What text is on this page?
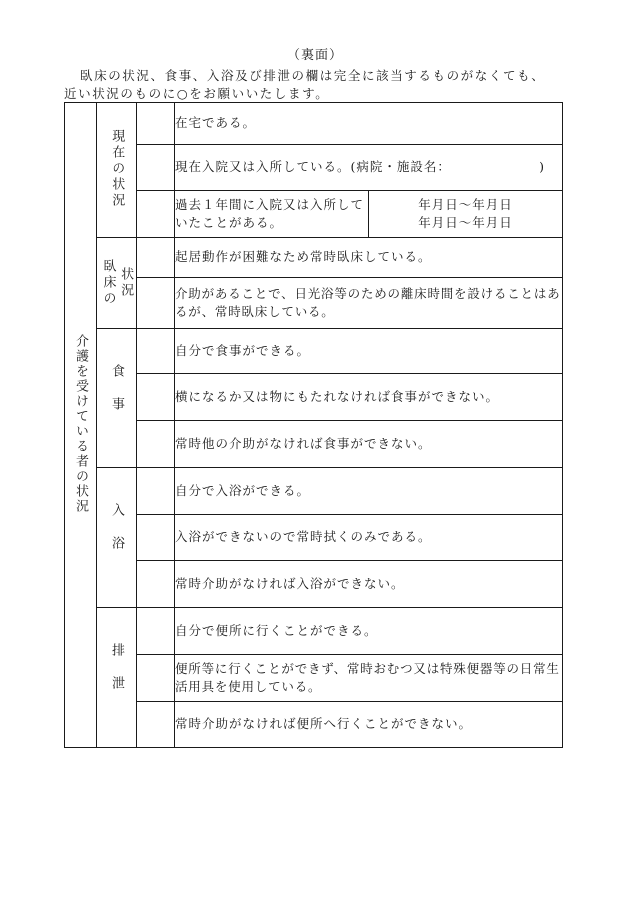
（裏面）
臥床の状況、食事、入浴及び排泄の欄は完全に該当するものがなくても、
近い状況のものに○をお願いいたします。
介護を受けている者の状況	現在の状況		在宅である。	
			現在入院又は入所している。(病院・施設名：　　　　　　　)	
			過去１年間に入院又は入所していたことがある。	年月日～年月日
年月日～年月日

	臥床の 状況		起居動作が困難なため常時臥床している。	
			介助があることで、日光浴等のための離床時間を設けることはあるが、常時臥床している。	
	食事		自分で食事ができる。	
			横になるか又は物にもたれなければ食事ができない。	
			常時他の介助がなければ食事ができない。	
	入浴		自分で入浴ができる。	
			入浴ができないので常時拭くのみである。	
			常時介助がなければ入浴ができない。	
	排泄		自分で便所に行くことができる。	
			便所等に行くことができず、常時おむつ又は特殊便器等の日常生活用具を使用している。	
			常時介助がなければ便所へ行くことができない。	
